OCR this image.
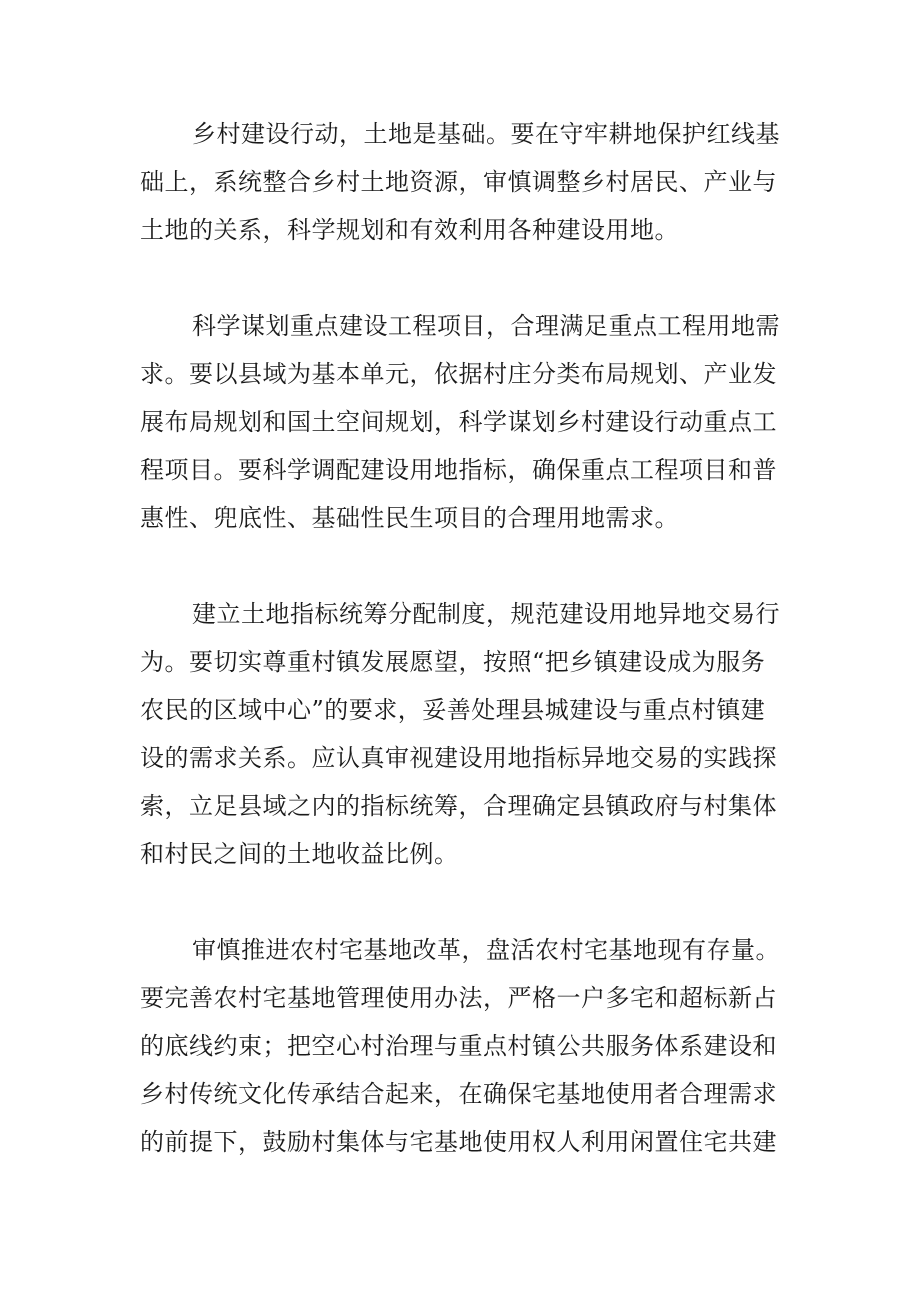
乡村建设行动，土地是基础。要在守牢耕地保护红线基
础上，系统整合乡村土地资源，审慎调整乡村居民、产业与
土地的关系，科学规划和有效利用各种建设用地。
科学谋划重点建设工程项目，合理满足重点工程用地需
求。要以县域为基本单元，依据村庄分类布局规划、产业发
展布局规划和国土空间规划，科学谋划乡村建设行动重点工
程项目。要科学调配建设用地指标，确保重点工程项目和普
惠性、兜底性、基础性民生项目的合理用地需求。
建立土地指标统筹分配制度，规范建设用地异地交易行
为。要切实尊重村镇发展愿望，按照“把乡镇建设成为服务
农民的区域中心”的要求，妥善处理县城建设与重点村镇建
设的需求关系。应认真审视建设用地指标异地交易的实践探
索，立足县域之内的指标统筹，合理确定县镇政府与村集体
和村民之间的土地收益比例。
审慎推进农村宅基地改革，盘活农村宅基地现有存量。
要完善农村宅基地管理使用办法，严格一户多宅和超标新占
的底线约束；把空心村治理与重点村镇公共服务体系建设和
乡村传统文化传承结合起来，在确保宅基地使用者合理需求
的前提下，鼓励村集体与宅基地使用权人利用闲置住宅共建
